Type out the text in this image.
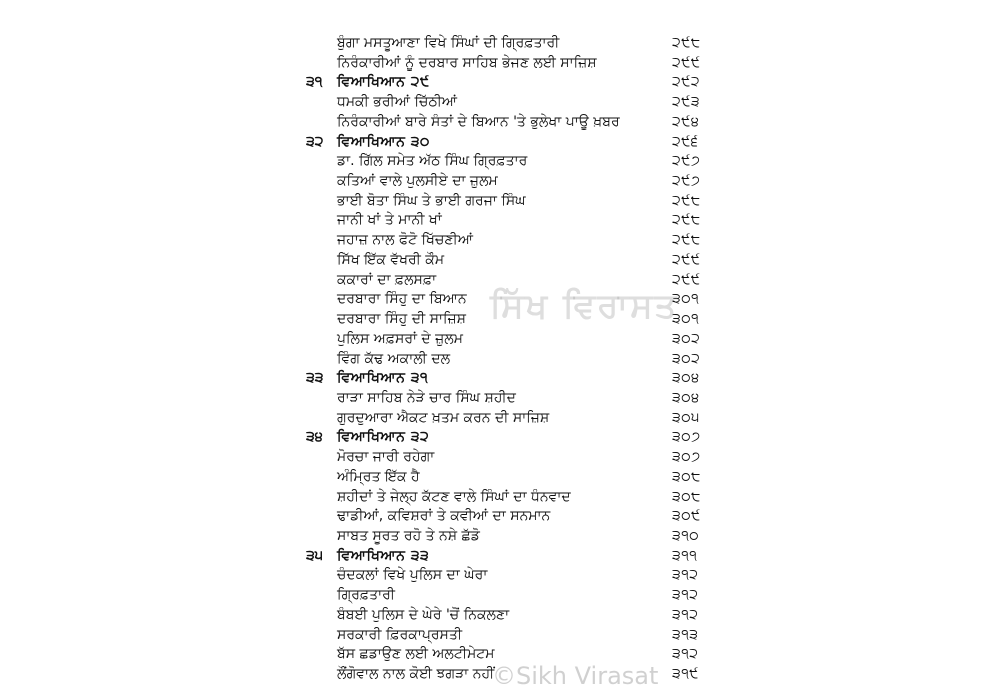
ਬੁੰਗਾ ਮਸਤੂਆਣਾ ਵਿਖੇ ਸਿੰਘਾਂ ਦੀ ਗ੍ਰਿਫ਼ਤਾਰੀ	੨੯੮
ਨਿਰੰਕਾਰੀਆਂ ਨੂੰ ਦਰਬਾਰ ਸਾਹਿਬ ਭੇਜਣ ਲਈ ਸਾਜ਼ਿਸ਼	੨੯੯
੩੧ ਵਿਆਖਿਆਨ ੨੯	੨੯੨
ਧਮਕੀ ਭਰੀਆਂ ਚਿੱਠੀਆਂ	੨੯੩
ਨਿਰੰਕਾਰੀਆਂ ਬਾਰੇ ਸੰਤਾਂ ਦੇ ਬਿਆਨ 'ਤੇ ਭੁਲੇਖਾ ਪਾਊ ਖ਼ਬਰ	੨੯੪
੩੨ ਵਿਆਖਿਆਨ ੩੦	੨੯੬
ਡਾ. ਗਿੱਲ ਸਮੇਤ ਅੱਠ ਸਿੰਘ ਗ੍ਰਿਫ਼ਤਾਰ	੨੯੭
ਕਤਿਆਂ ਵਾਲੇ ਪੁਲਸੀਏ ਦਾ ਜ਼ੁਲਮ	੨੯੭
ਭਾਈ ਬੋਤਾ ਸਿੰਘ ਤੇ ਭਾਈ ਗਰਜਾ ਸਿੰਘ	੨੯੮
ਜਾਨੀ ਖਾਂ ਤੇ ਮਾਨੀ ਖਾਂ	੨੯੮
ਜਹਾਜ਼ ਨਾਲ ਫੋਟੋ ਖਿੱਚਣੀਆਂ	੨੯੮
ਸਿੱਖ ਇੱਕ ਵੱਖਰੀ ਕੌਮ	੨੯੯
ਕਕਾਰਾਂ ਦਾ ਫ਼ਲਸਫ਼ਾ	੨੯੯
ਦਰਬਾਰਾ ਸਿੰਹੁ ਦਾ ਬਿਆਨ	੩੦੧
ਦਰਬਾਰਾ ਸਿੰਹੁ ਦੀ ਸਾਜ਼ਿਸ਼	੩੦੧
ਪੁਲਿਸ ਅਫ਼ਸਰਾਂ ਦੇ ਜ਼ੁਲਮ	੩੦੨
ਵਿੰਗ ਕੱਢ ਅਕਾਲੀ ਦਲ	੩੦੨
੩੩ ਵਿਆਖਿਆਨ ੩੧	੩੦੪
ਰਾੜਾ ਸਾਹਿਬ ਨੇੜੇ ਚਾਰ ਸਿੰਘ ਸ਼ਹੀਦ	੩੦੪
ਗੁਰਦੁਆਰਾ ਐਕਟ ਖ਼ਤਮ ਕਰਨ ਦੀ ਸਾਜ਼ਿਸ਼	੩੦੫
੩੪ ਵਿਆਖਿਆਨ ੩੨	੩੦੭
ਮੋਰਚਾ ਜਾਰੀ ਰਹੇਗਾ	੩੦੭
ਅੰਮ੍ਰਿਤ ਇੱਕ ਹੈ	੩੦੮
ਸ਼ਹੀਦਾਂ ਤੇ ਜੇਲ੍ਹ ਕੱਟਣ ਵਾਲੇ ਸਿੰਘਾਂ ਦਾ ਧੰਨਵਾਦ	੩੦੮
ਢਾਡੀਆਂ, ਕਵਿਸ਼ਰਾਂ ਤੇ ਕਵੀਆਂ ਦਾ ਸਨਮਾਨ	੩੦੯
ਸਾਬਤ ਸੂਰਤ ਰਹੋ ਤੇ ਨਸ਼ੇ ਛੱਡੋ	੩੧੦
੩੫ ਵਿਆਖਿਆਨ ੩੩	੩੧੧
ਚੰਦਕਲਾਂ ਵਿਖੇ ਪੁਲਿਸ ਦਾ ਘੇਰਾ	੩੧੨
ਗ੍ਰਿਫ਼ਤਾਰੀ	੩੧੨
ਬੰਬਈ ਪੁਲਿਸ ਦੇ ਘੇਰੇ 'ਚੋਂ ਨਿਕਲਣਾ	੩੧੨
ਸਰਕਾਰੀ ਫ਼ਿਰਕਾਪ੍ਰਸਤੀ	੩੧੩
ਬੱਸ ਛਡਾਉਣ ਲਈ ਅਲਟੀਮੇਟਮ	੩੧੨
ਲੌਂਗੋਵਾਲ ਨਾਲ ਕੋਈ ਝਗੜਾ ਨਹੀਂ	੩੧੯
ਸਿੱਖ ਵਿਰਾਸਤ
©Sikh Virasat
